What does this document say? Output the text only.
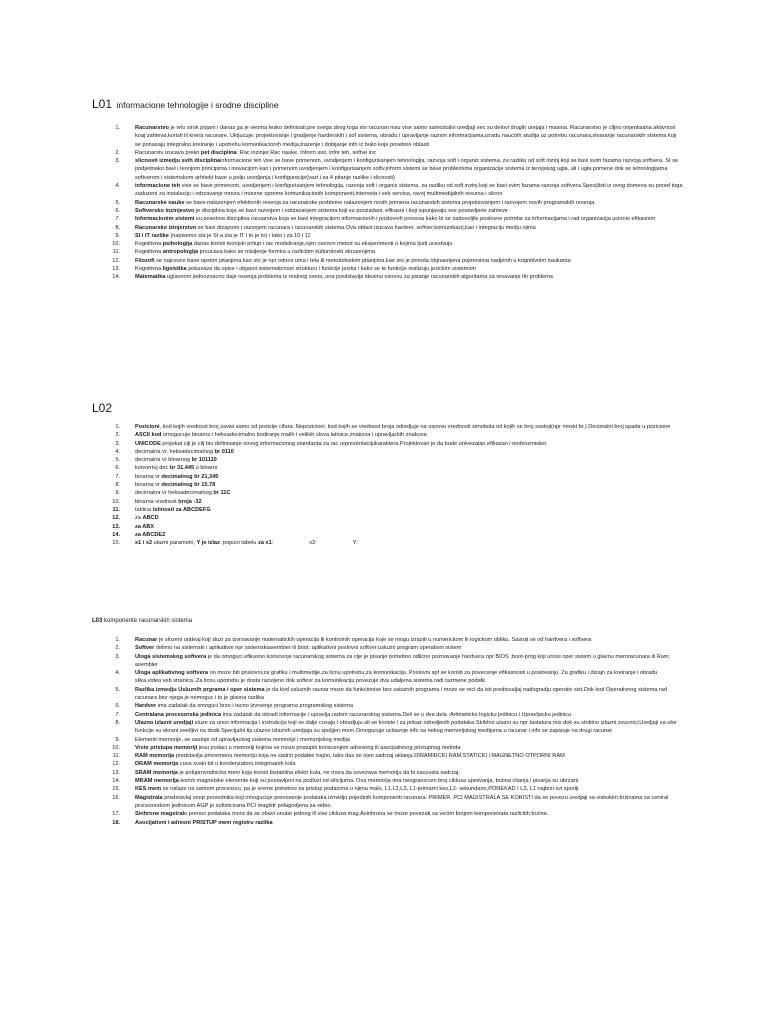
L01 informacione tehnologije i srodne discipline
1.	Racunarstvo je vrlo sirok pojam i danas ga je veoma tesko definisati,pre svega zbog toga sto racunari nisu vise samo samostalni uredjaji vec su delovi drugih urejaja i masina. Racunarstvo je ciljno orijentisana aktivnost koaj zahteva,koristi ili kreira racunare. Ukljucuje: projektovanje i gradjenje harderskih i sof sistema, obradu i upravljanje raznim informacijama,izradu naucnih studija uz potrebu racunara,stvaranje racunarskih sistema koji se ponasaju integralno,kreiranje i upotrebu komunikacionih medija,trazenje i dobijanje info iz builo koje posebne oblasti
2.	Racunarstv izucava preko pet disciplina: Rac inzinjer,Rac nauke, Inform sist, infor teh, softve inz
3.	slicnosti izmedju svih disciplinainformacione teh vise se bave primenom, uvodjenjem i konfigurisanjem tehnologija, razvoja soft i organiz sistema, za razliku od soft inzinj koji se bavi svim fazama razvoja softvera. SI se podjednako bavi i teorijom principima i inovacijom kao i primenom uvodjenjem i konfigurisanjem softv,inform sistemi se bave problemima organizacije sistema iz teroijskog ugla, ali i ugla primene dok se tehnologijama softverom i sistemskom arhitekt bave u polju uvodjenja i konfiguracije(vazi i za 4 pitanje razlike i slicnosti)
4.	informacione teh vise se bave primenom, uvodjenjem i konfigurisanjem tehnologija, razvoja soft i organiz sistema, za razliku od soft inzinj koji se bavi svim fazama razvoja softvera.Specijlisti iz ovog domena su pored toga zaduzeni za instalaciju i odrzavanje mreza i mrezne opreme komunikacionih komponenti,interneta i veb servisa, ravoj multimedijalnih resursa i slicno
5.	Racunarske nauke se bave nalazenjem efektivnih resenja za racunarske probleme nalazenjem novih primena racunarskih sistema projektovanjem i razvojem novih programskih resenja.
6.	Softversko inzinjestvo je disciplina koja se bavi razvojem i odrzavanjem sistema koji su pouzadani, efikasni i koji ispunjavaju sve postavljene zahteve
7.	Informacionim sistemi su posebna disciplina racuarstva koja se bavi integracijom informacionih i poslovnih procesa kako bi se zadovoljile poslovne potrebe za informacijama i rad organizacija ucionio efikasnim
8.	Racunarsko izinjerstvo se bavi dizajnom i razvojem racunara i racunarskih sistema.Ova oblast izucava hardver, softver,komunikacij,kao i integraciju medju njima
9.	SI i IT razlike (napisemo sta je SI a sta je IT i to je to) i tako i za 10 i 11
10.	Kognitivna psihologija danas koristi teorijski pritup i rac modeliranje,njen osnovn metod su eksperimenti u kojima ljudi ucestvuju
11.	Kognitivna antropologija proucava kako se misljenje formira u razlicitim kulturoloski okruzenjima
12.	Filozofi se najcesce bave opstim pitanjima kao sto je npr odnos uma i tela ili metodoloskim pitanjima,kao sto je priroda objnasnjena pojmovima nadjenih u kognitivnim naukama
13.	Kognitivna ligvistika pokusava da opise i objasni sistematicnost strukturu i funkcije jezika i kako se te funkcije realizuju jezickim sistemom
14.	Matematika uglavnom jednoznacno daje resenja problema iz realnog sveta, ona predstavlja idealnu osnovu za pisanje racunarskih algoritama za resavanje tih problema
L02
1.	Pozicioni, kod kojih vrednost broj zavisi samo od pozicije cifara. Nepozicioni, kod kojih se vrednost broja odredjuje na osnovu vrednosti simobola od kojih se broj sastoji(npr rimski br.).Decimalni broj spada u pozicione
2.	ASCII kod omogucuje binarno i heksadecimalno kodiranje malih i velikih slova latinice,znakova i upravljackih znakova
3.	UNICODE projekat ciji je cilj bio definisanje novog informacionog standarda za rac reprezentacijukaraktera.Projektovan je da bude univezalan,efikasan i nedvosmislen
4.	decimalna vr. heksadecimalnog br 0110
5.	decimalna vr binarnog br 101110
6.	konvertuj dec br 31.445 u binarni
7.	binarna vr decimalnog br 21,345
8.	binarna vr decimalnog br 15.78
9.	decimalna vr heksadecimalnog br 11C
10.	binarna vrednost broja -32
11.	tablica istinosti za ABCDEFG
12.	za ABCD
13.	za ABX
14.	za ABCDEZ
15.	x1 i x2 ulazni parametri, Y je izlaz: popuni tabelu za x1:	x2:	Y:
L03 komponente racunarskih sistema
1.	Racunar je slozeni urjdeaj koji sluzi za izvrsavanje matematickih operacija ili kontrolnih operacija koje se mogu izraziti u numerickom ili logickom obliku. Sastoji se od hardvera i softvera
2.	Softver delimo na sistemski i aplikativni npr sistemskiasembler ili boot; aplikativni poslovni softver;usluzni program operativni sistem
3.	Uloga sistemskog softvera je da omoguci efikasno koriscenje racunarskog sistema za cije je pisanje potrebno odlicno poznavanje hardvera npr BIOS ;boot-prog koji unosi oper sistem u glavnu memracunara ili Ram; asembler
4.	Uloga aplikativnog softvera on moze biti poslovni,za grafiku i multimedije,za licnu upotrebu,za komunikaciju. Poslovni spf se koristi za povecanje efikasnosti u poslovanju. Za grafiku i dizajn za kreiranje i obradu slika,videa veb stranica..Za licnu upotrebu je dosta razvijeno dok softevr za komunikaciju povezuje dva udaljena sistema radi razmene podatk
5.	Razlika izmedju Usluznih prgrama i oper sistema je da kod usluznih raunar moze da funkcionise bez usluznih programa i moze se reci da isti predtsvaljaj nadogradju operativ sist.Dok kod Operativnog sistema rad racunara bez njega je nemoguc i to je glavna razlika
6.	Hardver ima zadatak da omoguci brzo i tacno izvrsenje programa programskog sistema
7.	Centralana procesorska jedinica ima zadatak da obradi informacije i upravlja radom racunarskog sistema.Deli se u dva dela :Aritmeticko logicku jedinicu i Upravljacku jedinicu
8.	Ulazno izlazni uredjaji sluze za unos informacija i instrukcija koji se dalje cuvaju i obradjuju ali se koriste i za prikaz odredjenih podataka.Striktno ulazni su npr tastatura mis dok su striktno izlazni zvucnici,Uredjaji sa obe funkcije su ekrani osetljivi na dodir.Specijalni tip ulazno izlaznih uredjaja su spoljjen mem.Omogucuje ucitavnje info sa nekog memorijskog medijuma u racunar i info se zapisuje na drugi racunar
9.	Elementi memorije, se sastoje od upravljackog sistema memorije i memorijskog medija
10.	Vrste pristupa memoriji jesu podaci u memoriji kojima se moze pristupiti koriscenjem adresnog ili asocijativnog pristupnog metoda
11.	RAM memorija predstavlja privremenu memoriju koja ne sadrzi podatke trajno, tako das se njen sadrzaj uklanja.DINAMIRCKI RAM,STATICKI i MAGNETNO OTPORNI RAM
12.	DRAM memorija cuva svaki bit u kondenzatoru integrisanih kola
13.	SRAM memorija je poluprovodnicka mem koja koristi bistabilna elektr kola, ne mora da osvezava memoriju da bi sacuvala sadrzaj.
14.	MRAM memorija koristi magnetske elemente koji su postavljeni na podlozi od silicijuma. Ova memorija ima neograniccen broj ciklusa upisivanja, brzina citanja i pisanja su ubrzani
15.	KES mem se nalaze na samom procesoru, pa je vreme potrebno za pristup podacima u njima malo, L1,L2,L3, L1-primarni kes,L2- sekundarni,PONEKAD I L3, L1 najbrzi svi sporiji.
16.	Magistrala predstavlaj snop provodnika koji omogucuje prenosenje podataka izmedju pojedinih komponenti racunara. PRIMER. PCI MAGISTRALA SE KORISTI da se povezu uredjaji sa viskokim brzinama sa central procesorskom jedinicom AGP je sofisticirana PCI magistr prilagodjena za video.
17.	Sinhrone magstrale prenos podataka mora da se obavi unutar jednog ili vise ciklusa mag.Asinhrona se moze povezati sa vecim brojem komponenata razlicitih brzina.
18.	Asocijativni i adresni PRISTUP mem registru razlika
